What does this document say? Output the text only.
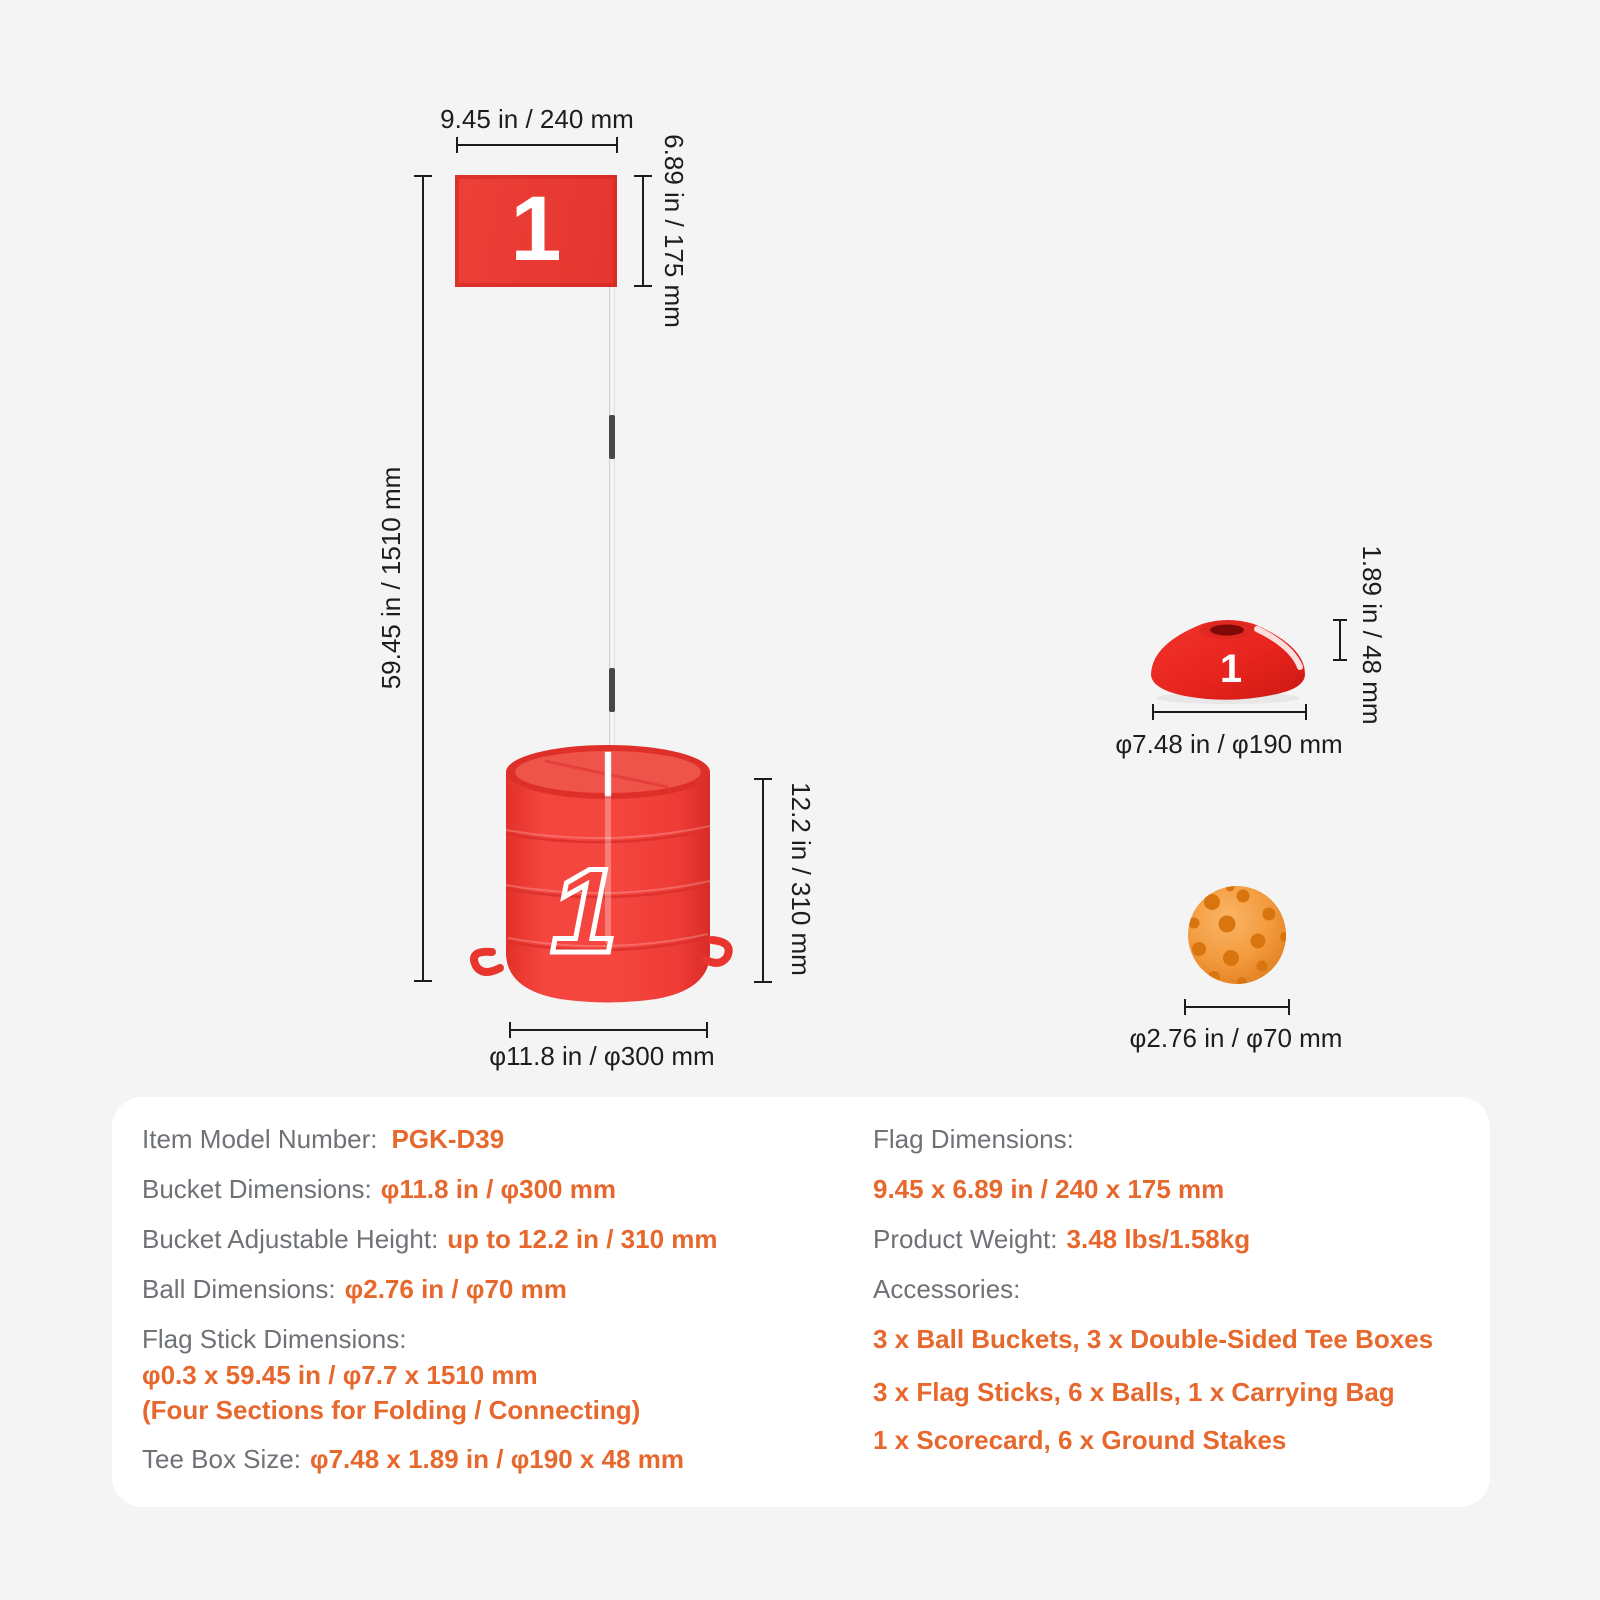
9.45 in / 240 mm
6.89 in / 175 mm
59.45 in / 1510 mm
12.2 in / 310 mm
φ11.8 in / φ300 mm
1.89 in / 48 mm
φ7.48 in / φ190 mm
φ2.76 in / φ70 mm
1
1
1
Item Model Number: PGK-D39
Bucket Dimensions: φ11.8 in / φ300 mm
Bucket Adjustable Height: up to 12.2 in / 310 mm
Ball Dimensions: φ2.76 in / φ70 mm
Flag Stick Dimensions:
φ0.3 x 59.45 in / φ7.7 x 1510 mm
(Four Sections for Folding / Connecting)
Tee Box Size: φ7.48 x 1.89 in / φ190 x 48 mm
Flag Dimensions:
9.45 x 6.89 in / 240 x 175 mm
Product Weight: 3.48 lbs/1.58kg
Accessories:
3 x Ball Buckets, 3 x Double-Sided Tee Boxes
3 x Flag Sticks, 6 x Balls, 1 x Carrying Bag
1 x Scorecard, 6 x Ground Stakes
